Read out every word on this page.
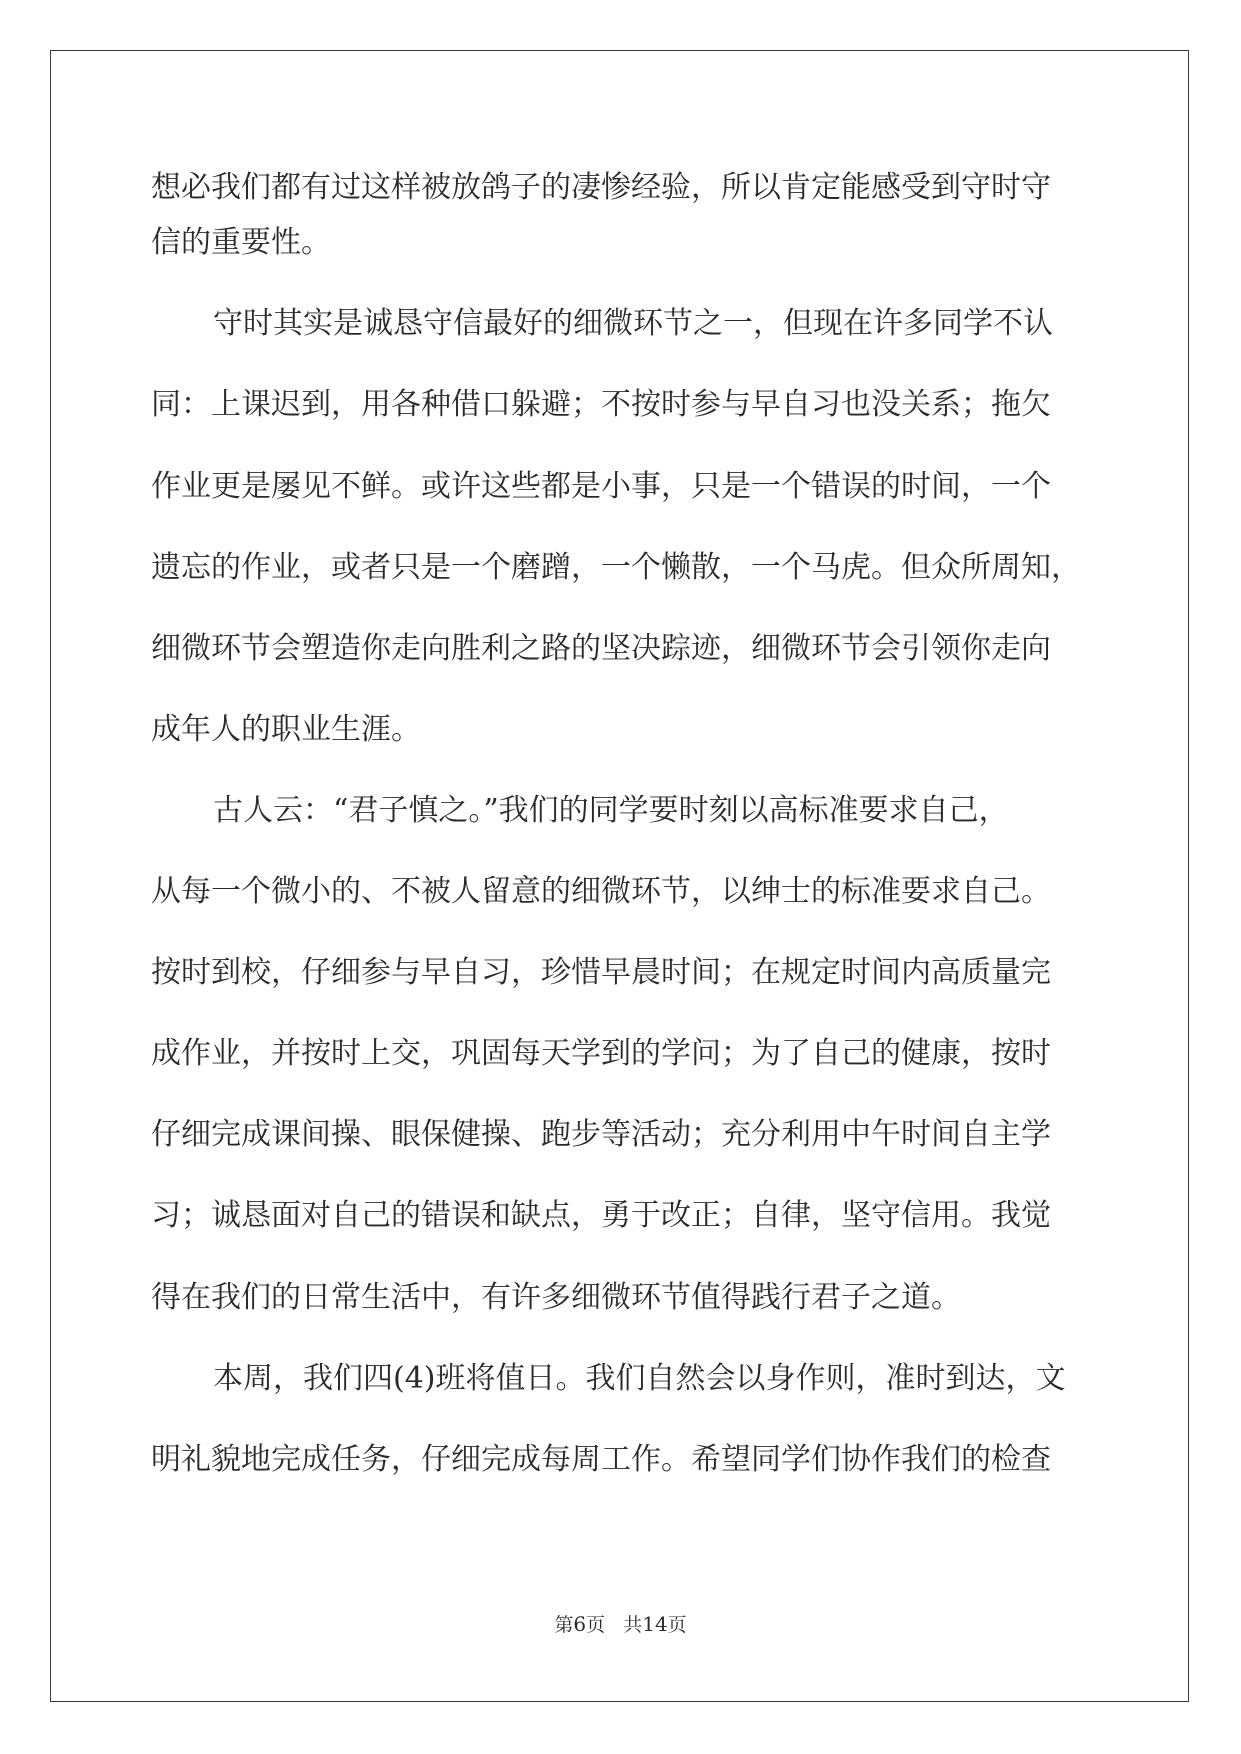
想必我们都有过这样被放鸽子的凄惨经验，所以肯定能感受到守时守
信的重要性。
守时其实是诚恳守信最好的细微环节之一，但现在许多同学不认
同：上课迟到，用各种借口躲避；不按时参与早自习也没关系；拖欠
作业更是屡见不鲜。或许这些都是小事，只是一个错误的时间，一个
遗忘的作业，或者只是一个磨蹭，一个懒散，一个马虎。但众所周知，
细微环节会塑造你走向胜利之路的坚决踪迹，细微环节会引领你走向
成年人的职业生涯。
古人云：“君子慎之。”我们的同学要时刻以高标准要求自己，
从每一个微小的、不被人留意的细微环节，以绅士的标准要求自己。
按时到校，仔细参与早自习，珍惜早晨时间；在规定时间内高质量完
成作业，并按时上交，巩固每天学到的学问；为了自己的健康，按时
仔细完成课间操、眼保健操、跑步等活动；充分利用中午时间自主学
习；诚恳面对自己的错误和缺点，勇于改正；自律，坚守信用。我觉
得在我们的日常生活中，有许多细微环节值得践行君子之道。
本周，我们四(4)班将值日。我们自然会以身作则，准时到达，文
明礼貌地完成任务，仔细完成每周工作。希望同学们协作我们的检查
第6页 共14页
